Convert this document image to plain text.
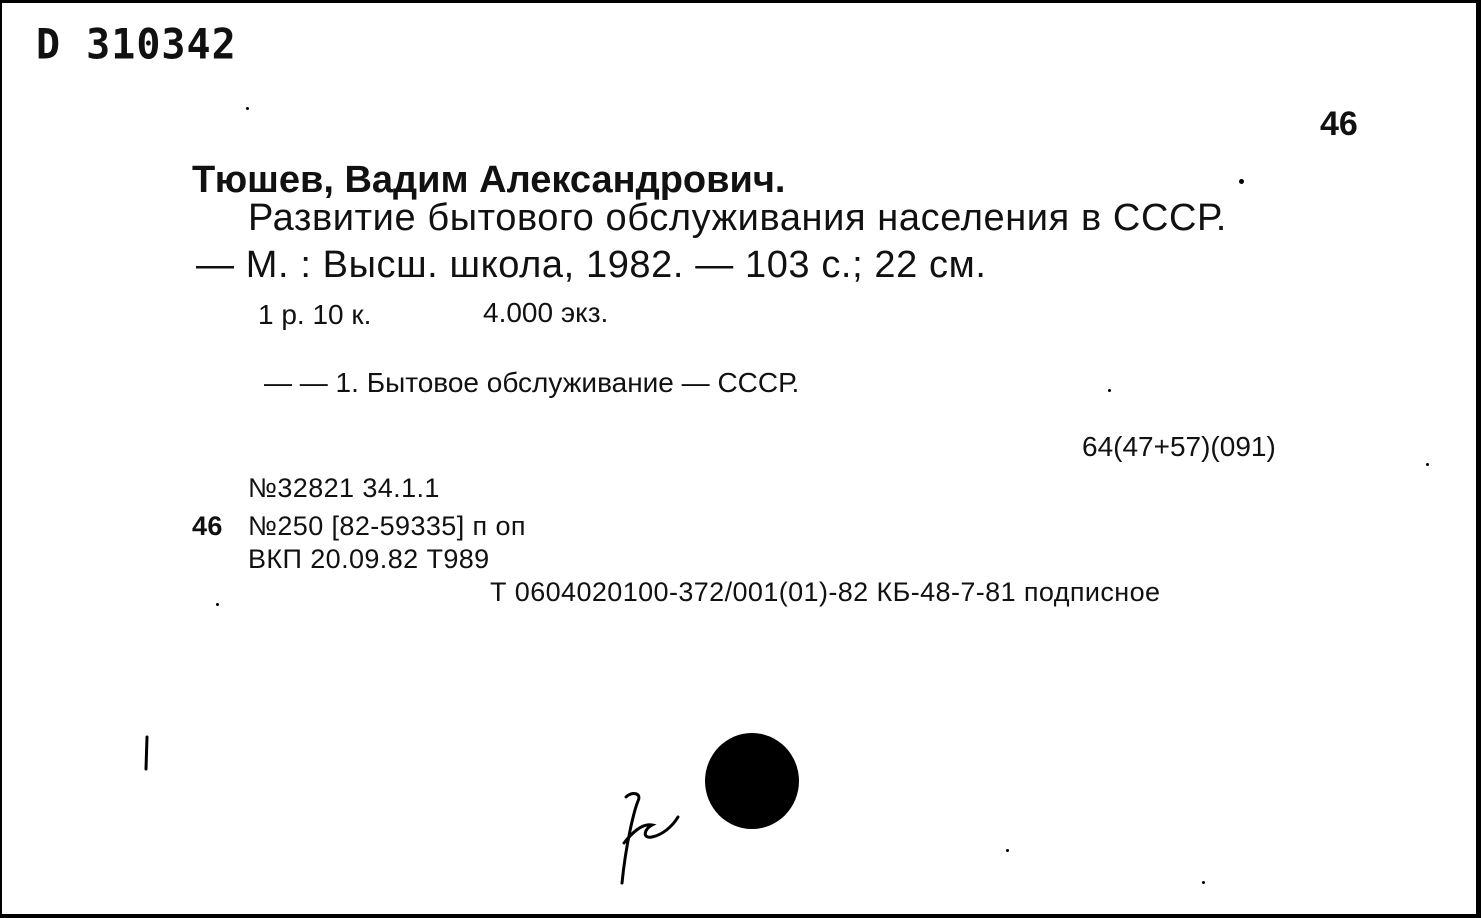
D 310342
46
Тюшев, Вадим Александрович.
Развитие бытового обслуживания населения в СССР.
— М. : Высш. школа, 1982. — 103 с.; 22 см.
1 р. 10 к.	4.000 экз.
— — 1. Бытовое обслуживание — СССР.
64(47+57)(091)
№32821 34.1.1
46 №250 [82-59335] п оп
ВКП 20.09.82 Т989
Т 0604020100-372/001(01)-82 КБ-48-7-81 подписное
